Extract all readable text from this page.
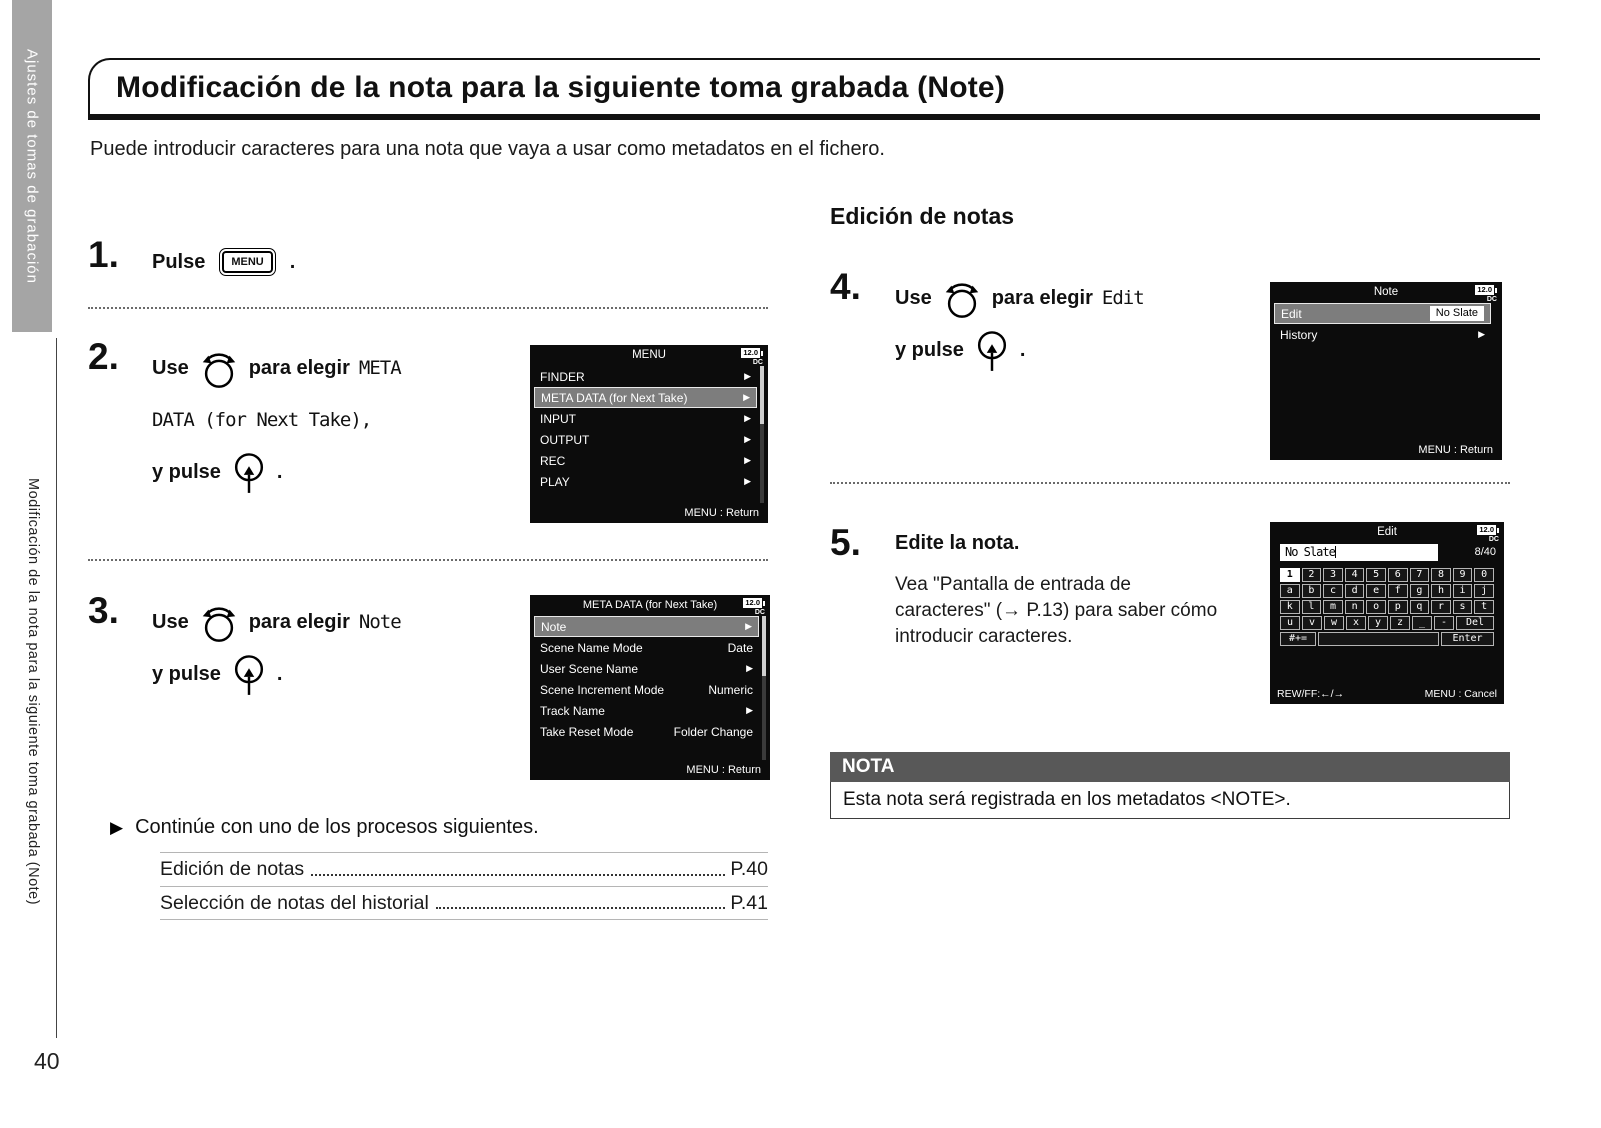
Ajustes de tomas de grabación
Modificación de la nota para la siguiente toma grabada (Note)
40
Modificación de la nota para la siguiente toma grabada (Note)
Puede introducir caracteres para una nota que vaya a usar como metadatos en el fichero.
1. Pulse	MENU	.
2. Use	para elegir META
DATA (for Next Take),
y pulse	.
MENU	12.0
DC
FINDER	▶
META DATA (for Next Take)	▶
INPUT	▶
OUTPUT	▶
REC	▶
PLAY	▶
MENU : Return
3. Use	para elegir Note
y pulse	.
META DATA (for Next Take)	12.0
DC
Note	▶
Scene Name Mode	Date
User Scene Name	▶
Scene Increment Mode	Numeric
Track Name	▶
Take Reset Mode	Folder Change
MENU : Return
▶ Continúe con uno de los procesos siguientes.
Edición de notas	P.40
Selección de notas del historial	P.41
Edición de notas
4. Use	para elegir Edit
y pulse	.
Note	12.0
DC
Edit	No Slate
History	▶
MENU : Return
5. Edite la nota.
Vea "Pantalla de entrada de caracteres" (→ P.13) para saber cómo introducir caracteres.
Edit	12.0
DC
No Slate	8/40
1	2	3	4	5	6	7	8	9	0
a	b	c	d	e	f	g	h	i	j
k	l	m	n	o	p	q	r	s	t
u	v	w	x	y	z	_	-	Del
#+=	Enter
REW/FF:←/→	MENU : Cancel
NOTA
Esta nota será registrada en los metadatos <NOTE>.
